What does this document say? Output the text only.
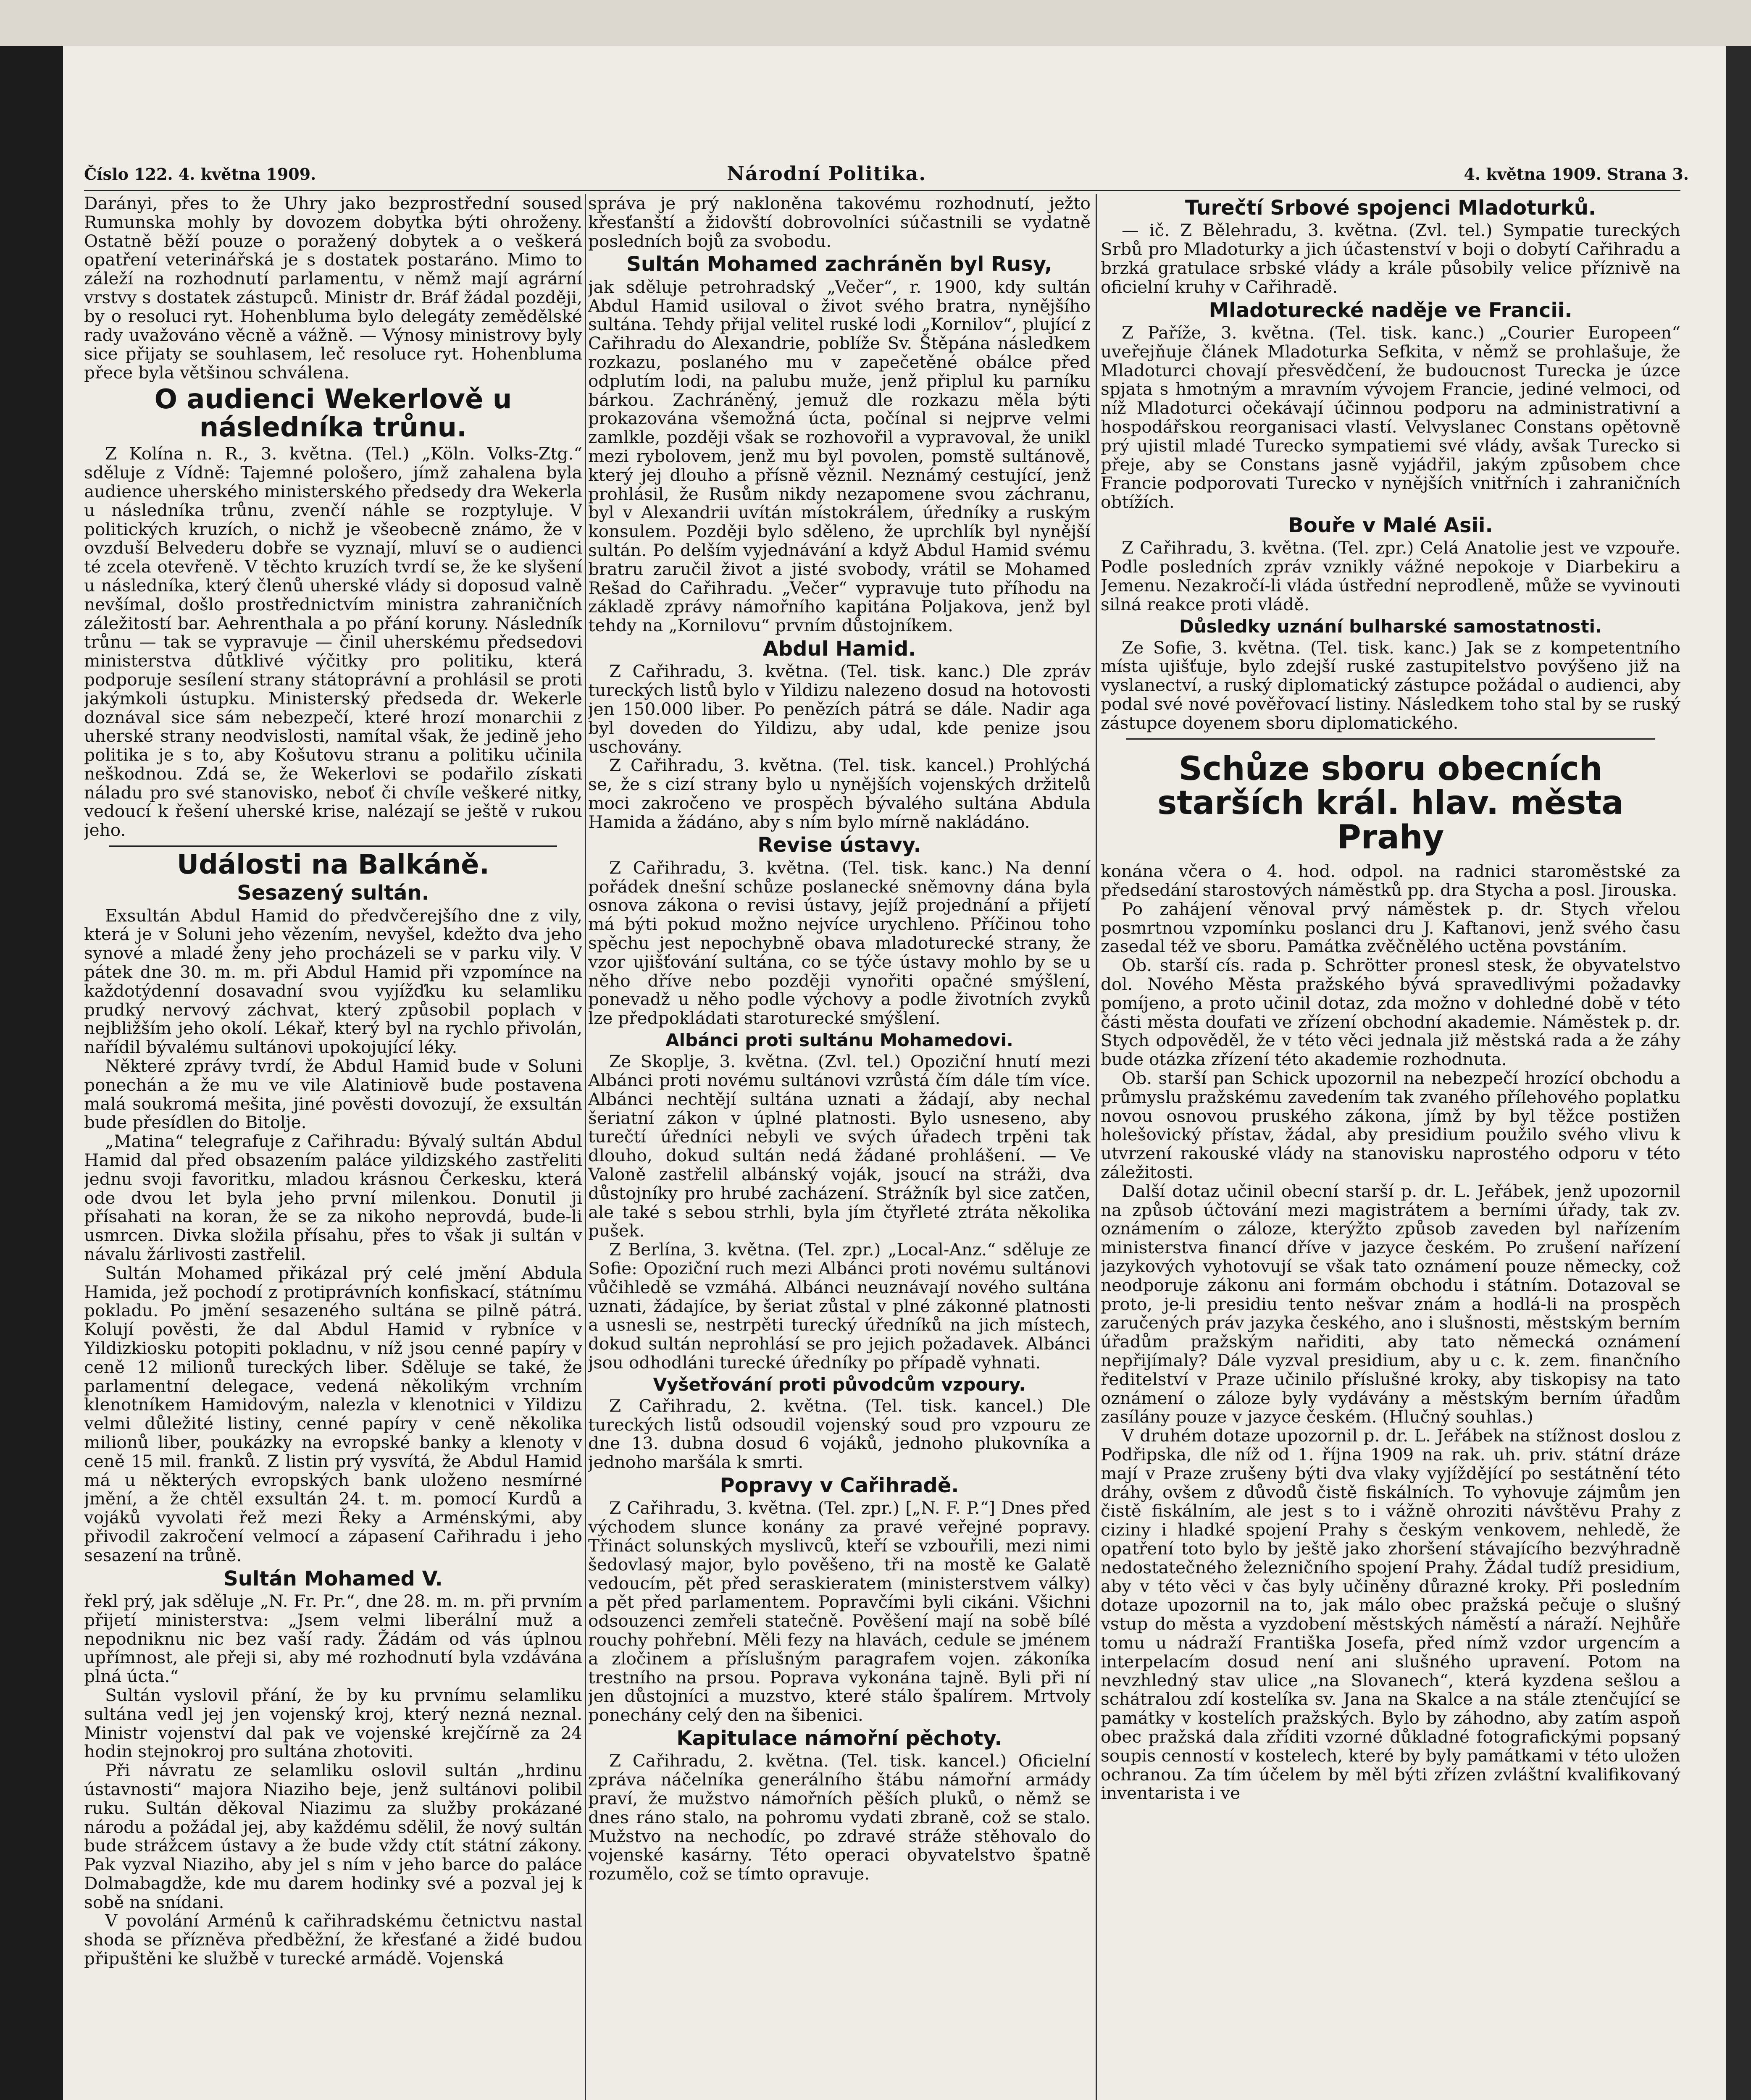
Číslo 122. 4. května 1909.	Národní Politika.	4. května 1909. Strana 3.

Darányi, přes to že Uhry jako bezprostřední soused Rumunska mohly by dovozem dobytka býti ohroženy. Ostatně běží pouze o poražený dobytek a o veškerá opatření veterinářská je s dostatek postaráno. Mimo to záleží na rozhodnutí parlamentu, v němž mají agrární vrstvy s dostatek zástupců. Ministr dr. Bráf žádal později, by o resoluci ryt. Hohenbluma bylo delegáty zemědělské rady uvažováno věcně a vážně. — Výnosy ministrovy byly sice přijaty se souhlasem, leč resoluce ryt. Hohenbluma přece byla většinou schválena.

O audienci Wekerlově u následníka trůnu.

Z Kolína n. R., 3. května. (Tel.) „Köln. Volks-Ztg.“ sděluje z Vídně: Tajemné pološero, jímž zahalena byla audience uherského ministerského předsedy dra Wekerla u následníka trůnu, zvenčí náhle se rozptyluje. V politických kruzích, o nichž je všeobecně známo, že v ovzduší Belvederu dobře se vyznají, mluví se o audienci té zcela otevřeně. V těchto kruzích tvrdí se, že ke slyšení u následníka, který členů uherské vlády si doposud valně nevšímal, došlo prostřednictvím ministra zahraničních záležitostí bar. Aehrenthala a po přání koruny. Následník trůnu — tak se vypravuje — činil uherskému předsedovi ministerstva důtklivé výčitky pro politiku, která podporuje sesílení strany státoprávní a prohlásil se proti jakýmkoli ústupku. Ministerský předseda dr. Wekerle doznával sice sám nebezpečí, které hrozí monarchii z uherské strany neodvislosti, namítal však, že jedině jeho politika je s to, aby Košutovu stranu a politiku učinila neškodnou. Zdá se, že Wekerlovi se podařilo získati náladu pro své stanovisko, neboť či chvíle veškeré nitky, vedoucí k řešení uherské krise, nalézají se ještě v rukou jeho.

Události na Balkáně.
Sesazený sultán.

Exsultán Abdul Hamid do předvčerejšího dne z vily, která je v Soluni jeho vězením, nevyšel, kdežto dva jeho synové a mladé ženy jeho procházeli se v parku vily. V pátek dne 30. m. m. při Abdul Hamid při vzpomínce na každotýdenní dosavadní svou vyjížďku ku selamliku prudký nervový záchvat, který způsobil poplach v nejbližším jeho okolí. Lékař, který byl na rychlo přivolán, nařídil bývalému sultánovi upokojující léky.

Některé zprávy tvrdí, že Abdul Hamid bude v Soluni ponechán a že mu ve vile Alatiniově bude postavena malá soukromá mešita, jiné pověsti dovozují, že exsultán bude přesídlen do Bitolje.

„Matina“ telegrafuje z Cařihradu: Bývalý sultán Abdul Hamid dal před obsazením paláce yildizského zastřeliti jednu svoji favoritku, mladou krásnou Čerkesku, která ode dvou let byla jeho první milenkou. Donutil ji přísahati na koran, že se za nikoho neprovdá, bude-li usmrcen. Divka složila přísahu, přes to však ji sultán v návalu žárlivosti zastřelil.

Sultán Mohamed přikázal prý celé jmění Abdula Hamida, jež pochodí z protiprávních konfiskací, státnímu pokladu. Po jmění sesazeného sultána se pilně pátrá. Kolují pověsti, že dal Abdul Hamid v rybníce v Yildizkiosku potopiti pokladnu, v níž jsou cenné papíry v ceně 12 milionů tureckých liber. Sděluje se také, že parlamentní delegace, vedená několikým vrchním klenotníkem Hamidovým, nalezla v klenotnici v Yildizu velmi důležité listiny, cenné papíry v ceně několika milionů liber, poukázky na evropské banky a klenoty v ceně 15 mil. franků. Z listin prý vysvítá, že Abdul Hamid má u některých evropských bank uloženo nesmírné jmění, a že chtěl exsultán 24. t. m. pomocí Kurdů a vojáků vyvolati řež mezi Řeky a Arménskými, aby přivodil zakročení velmocí a zápasení Cařihradu i jeho sesazení na trůně.

Sultán Mohamed V.

řekl prý, jak sděluje „N. Fr. Pr.“, dne 28. m. m. při prvním přijetí ministerstva: „Jsem velmi liberální muž a nepodniknu nic bez vaší rady. Žádám od vás úplnou upřímnost, ale přeji si, aby mé rozhodnutí byla vzdávána plná úcta.“

Sultán vyslovil přání, že by ku prvnímu selamliku sultána vedl jej jen vojenský kroj, který nezná neznal. Ministr vojenství dal pak ve vojenské krejčírně za 24 hodin stejnokroj pro sultána zhotoviti.

Při návratu ze selamliku oslovil sultán „hrdinu ústavnosti“ majora Niaziho beje, jenž sultánovi polibil ruku. Sultán děkoval Niazimu za služby prokázané národu a požádal jej, aby každému sdělil, že nový sultán bude strážcem ústavy a že bude vždy ctít státní zákony. Pak vyzval Niaziho, aby jel s ním v jeho barce do paláce Dolmabagdže, kde mu darem hodinky své a pozval jej k sobě na snídani.

V povolání Arménů k cařihradskému četnictvu nastal shoda se přízněva předběžní, že křesťané a židé budou připuštěni ke službě v turecké armádě. Vojenská

správa je prý nakloněna takovému rozhodnutí, ježto křesťanští a židovští dobrovolníci súčastnili se vydatně posledních bojů za svobodu.

Sultán Mohamed zachráněn byl Rusy,

jak sděluje petrohradský „Večer“, r. 1900, kdy sultán Abdul Hamid usiloval o život svého bratra, nynějšího sultána. Tehdy přijal velitel ruské lodi „Kornilov“, plující z Cařihradu do Alexandrie, poblíže Sv. Štěpána následkem rozkazu, poslaného mu v zapečetěné obálce před odplutím lodi, na palubu muže, jenž připlul ku parníku bárkou. Zachráněný, jemuž dle rozkazu měla býti prokazována všemožná úcta, počínal si nejprve velmi zamlkle, později však se rozhovořil a vypravoval, že unikl mezi rybolovem, jenž mu byl povolen, pomstě sultánově, který jej dlouho a přísně věznil. Neznámý cestující, jenž prohlásil, že Rusům nikdy nezapomene svou záchranu, byl v Alexandrii uvítán místokrálem, úředníky a ruským konsulem. Později bylo sděleno, že uprchlík byl nynější sultán. Po delším vyjednávání a když Abdul Hamid svému bratru zaručil život a jisté svobody, vrátil se Mohamed Rešad do Cařihradu. „Večer“ vypravuje tuto příhodu na základě zprávy námořního kapitána Poljakova, jenž byl tehdy na „Kornilovu“ prvním důstojníkem.

Abdul Hamid.

Z Cařihradu, 3. května. (Tel. tisk. kanc.) Dle zpráv tureckých listů bylo v Yildizu nalezeno dosud na hotovosti jen 150.000 liber. Po penězích pátrá se dále. Nadir aga byl doveden do Yildizu, aby udal, kde penize jsou uschovány.

Z Cařihradu, 3. května. (Tel. tisk. kancel.) Prohlýchá se, že s cizí strany bylo u nynějších vojenských držitelů moci zakročeno ve prospěch bývalého sultána Abdula Hamida a žádáno, aby s ním bylo mírně nakládáno.

Revise ústavy.

Z Cařihradu, 3. května. (Tel. tisk. kanc.) Na denní pořádek dnešní schůze poslanecké sněmovny dána byla osnova zákona o revisi ústavy, jejíž projednání a přijetí má býti pokud možno nejvíce urychleno. Příčinou toho spěchu jest nepochybně obava mladoturecké strany, že vzor ujišťování sultána, co se týče ústavy mohlo by se u něho dříve nebo později vynořiti opačné smýšlení, ponevadž u něho podle výchovy a podle životních zvyků lze předpokládati staroturecké smýšlení.

Albánci proti sultánu Mohamedovi.

Ze Skoplje, 3. května. (Zvl. tel.) Opoziční hnutí mezi Albánci proti novému sultánovi vzrůstá čím dále tím více. Albánci nechtějí sultána uznati a žádají, aby nechal šeriatní zákon v úplné platnosti. Bylo usneseno, aby turečtí úředníci nebyli ve svých úřadech trpěni tak dlouho, dokud sultán nedá žádané prohlášení. — Ve Valoně zastřelil albánský voják, jsoucí na stráži, dva důstojníky pro hrubé zacházení. Strážník byl sice zatčen, ale také s sebou strhli, byla jím čtyřleté ztráta několika pušek.

Z Berlína, 3. května. (Tel. zpr.) „Local-Anz.“ sděluje ze Sofie: Opoziční ruch mezi Albánci proti novému sultánovi vůčihledě se vzmáhá. Albánci neuznávají nového sultána uznati, žádajíce, by šeriat zůstal v plné zákonné platnosti a usnesli se, nestrpěti turecký úředníků na jich místech, dokud sultán neprohlásí se pro jejich požadavek. Albánci jsou odhodláni turecké úředníky po případě vyhnati.

Vyšetřování proti původcům vzpoury.

Z Cařihradu, 2. května. (Tel. tisk. kancel.) Dle tureckých listů odsoudil vojenský soud pro vzpouru ze dne 13. dubna dosud 6 vojáků, jednoho plukovníka a jednoho maršála k smrti.

Popravy v Cařihradě.

Z Cařihradu, 3. května. (Tel. zpr.) [„N. F. P.“] Dnes před východem slunce konány za pravé veřejné popravy. Třináct solunských myslivců, kteří se vzbouřili, mezi nimi šedovlasý major, bylo pověšeno, tři na mostě ke Galatě vedoucím, pět před seraskieratem (ministerstvem války) a pět před parlamentem. Popravčími byli cikáni. Všichni odsouzenci zemřeli statečně. Pověšení mají na sobě bílé rouchy pohřební. Měli fezy na hlavách, cedule se jménem a zločinem a příslušným paragrafem vojen. zákoníka trestního na prsou. Poprava vykonána tajně. Byli při ní jen důstojníci a muzstvo, které stálo špalírem. Mrtvoly ponechány celý den na šibenici.

Kapitulace námořní pěchoty.

Z Cařihradu, 2. května. (Tel. tisk. kancel.) Oficielní zpráva náčelníka generálního štábu námořní armády praví, že mužstvo námořních pěších pluků, o němž se dnes ráno stalo, na pohromu vydati zbraně, což se stalo. Mužstvo na nechodíc, po zdravé stráže stěhovalo do vojenské kasárny. Této operaci obyvatelstvo špatně rozumělo, což se tímto opravuje.

Turečtí Srbové spojenci Mladoturků.

— ič. Z Bělehradu, 3. května. (Zvl. tel.) Sympatie tureckých Srbů pro Mladoturky a jich účastenství v boji o dobytí Cařihradu a brzká gratulace srbské vlády a krále působily velice příznivě na oficielní kruhy v Cařihradě.

Mladoturecké naděje ve Francii.

Z Paříže, 3. května. (Tel. tisk. kanc.) „Courier Europeen“ uveřejňuje článek Mladoturka Sefkita, v němž se prohlašuje, že Mladoturci chovají přesvědčení, že budoucnost Turecka je úzce spjata s hmotným a mravním vývojem Francie, jediné velmoci, od níž Mladoturci očekávají účinnou podporu na administrativní a hospodářskou reorganisaci vlastí. Velvyslanec Constans opětovně prý ujistil mladé Turecko sympatiemi své vlády, avšak Turecko si přeje, aby se Constans jasně vyjádřil, jakým způsobem chce Francie podporovati Turecko v nynějších vnitřních i zahraničních obtížích.

Bouře v Malé Asii.

Z Cařihradu, 3. května. (Tel. zpr.) Celá Anatolie jest ve vzpouře. Podle posledních zpráv vznikly vážné nepokoje v Diarbekiru a Jemenu. Nezakročí-li vláda ústřední neprodleně, může se vyvinouti silná reakce proti vládě.

Důsledky uznání bulharské samostatnosti.

Ze Sofie, 3. května. (Tel. tisk. kanc.) Jak se z kompetentního místa ujišťuje, bylo zdejší ruské zastupitelstvo povýšeno již na vyslanectví, a ruský diplomatický zástupce požádal o audienci, aby podal své nové pověřovací listiny. Následkem toho stal by se ruský zástupce doyenem sboru diplomatického.

Schůze sboru obecních starších král. hlav. města Prahy

konána včera o 4. hod. odpol. na radnici staroměstské za předsedání starostových náměstků pp. dra Stycha a posl. Jirouska.

Po zahájení věnoval prvý náměstek p. dr. Stych vřelou posmrtnou vzpomínku poslanci dru J. Kaftanovi, jenž svého času zasedal též ve sboru. Památka zvěčnělého uctěna povstáním.

Ob. starší cís. rada p. Schrötter pronesl stesk, že obyvatelstvo dol. Nového Města pražského bývá spravedlivými požadavky pomíjeno, a proto učinil dotaz, zda možno v dohledné době v této části města doufati ve zřízení obchodní akademie. Náměstek p. dr. Stych odpověděl, že v této věci jednala již městská rada a že záhy bude otázka zřízení této akademie rozhodnuta.

Ob. starší pan Schick upozornil na nebezpečí hrozící obchodu a průmyslu pražskému zavedením tak zvaného přílehového poplatku novou osnovou pruského zákona, jímž by byl těžce postižen holešovický přístav, žádal, aby presidium použilo svého vlivu k utvrzení rakouské vlády na stanovisku naprostého odporu v této záležitosti.

Další dotaz učinil obecní starší p. dr. L. Jeřábek, jenž upozornil na způsob účtování mezi magistrátem a berními úřady, tak zv. oznámením o záloze, kterýžto způsob zaveden byl nařízením ministerstva financí dříve v jazyce českém. Po zrušení nařízení jazykových vyhotovují se však tato oznámení pouze německy, což neodporuje zákonu ani formám obchodu i státním. Dotazoval se proto, je-li presidiu tento nešvar znám a hodlá-li na prospěch zaručených práv jazyka českého, ano i slušnosti, městským berním úřadům pražským nařiditi, aby tato německá oznámení nepřijímaly? Dále vyzval presidium, aby u c. k. zem. finančního ředitelství v Praze učinilo příslušné kroky, aby tiskopisy na tato oznámení o záloze byly vydávány a městským berním úřadům zasílány pouze v jazyce českém. (Hlučný souhlas.)

V druhém dotaze upozornil p. dr. L. Jeřábek na stížnost doslou z Podřipska, dle níž od 1. října 1909 na rak. uh. priv. státní dráze mají v Praze zrušeny býti dva vlaky vyjíždějící po sestátnění této dráhy, ovšem z důvodů čistě fiskálních. To vyhovuje zájmům jen čistě fiskálním, ale jest s to i vážně ohroziti návštěvu Prahy z ciziny i hladké spojení Prahy s českým venkovem, nehledě, že opatření toto bylo by ještě jako zhoršení stávajícího bezvýhradně nedostatečného železničního spojení Prahy. Žádal tudíž presidium, aby v této věci v čas byly učiněny důrazné kroky. Při posledním dotaze upozornil na to, jak málo obec pražská pečuje o slušný vstup do města a vyzdobení městských náměstí a náraží. Nejhůře tomu u nádraží Františka Josefa, před nímž vzdor urgencím a interpelacím dosud není ani slušného upravení. Potom na nevzhledný stav ulice „na Slovanech“, která kyzdena sešlou a schátralou zdí kostelíka sv. Jana na Skalce a na stále ztenčující se památky v kostelích pražských. Bylo by záhodno, aby zatím aspoň obec pražská dala zříditi vzorné důkladné fotografickými popsaný soupis cenností v kostelech, které by byly památkami v této uložen ochranou. Za tím účelem by měl býti zřízen zvláštní kvalifikovaný inventarista i ve
